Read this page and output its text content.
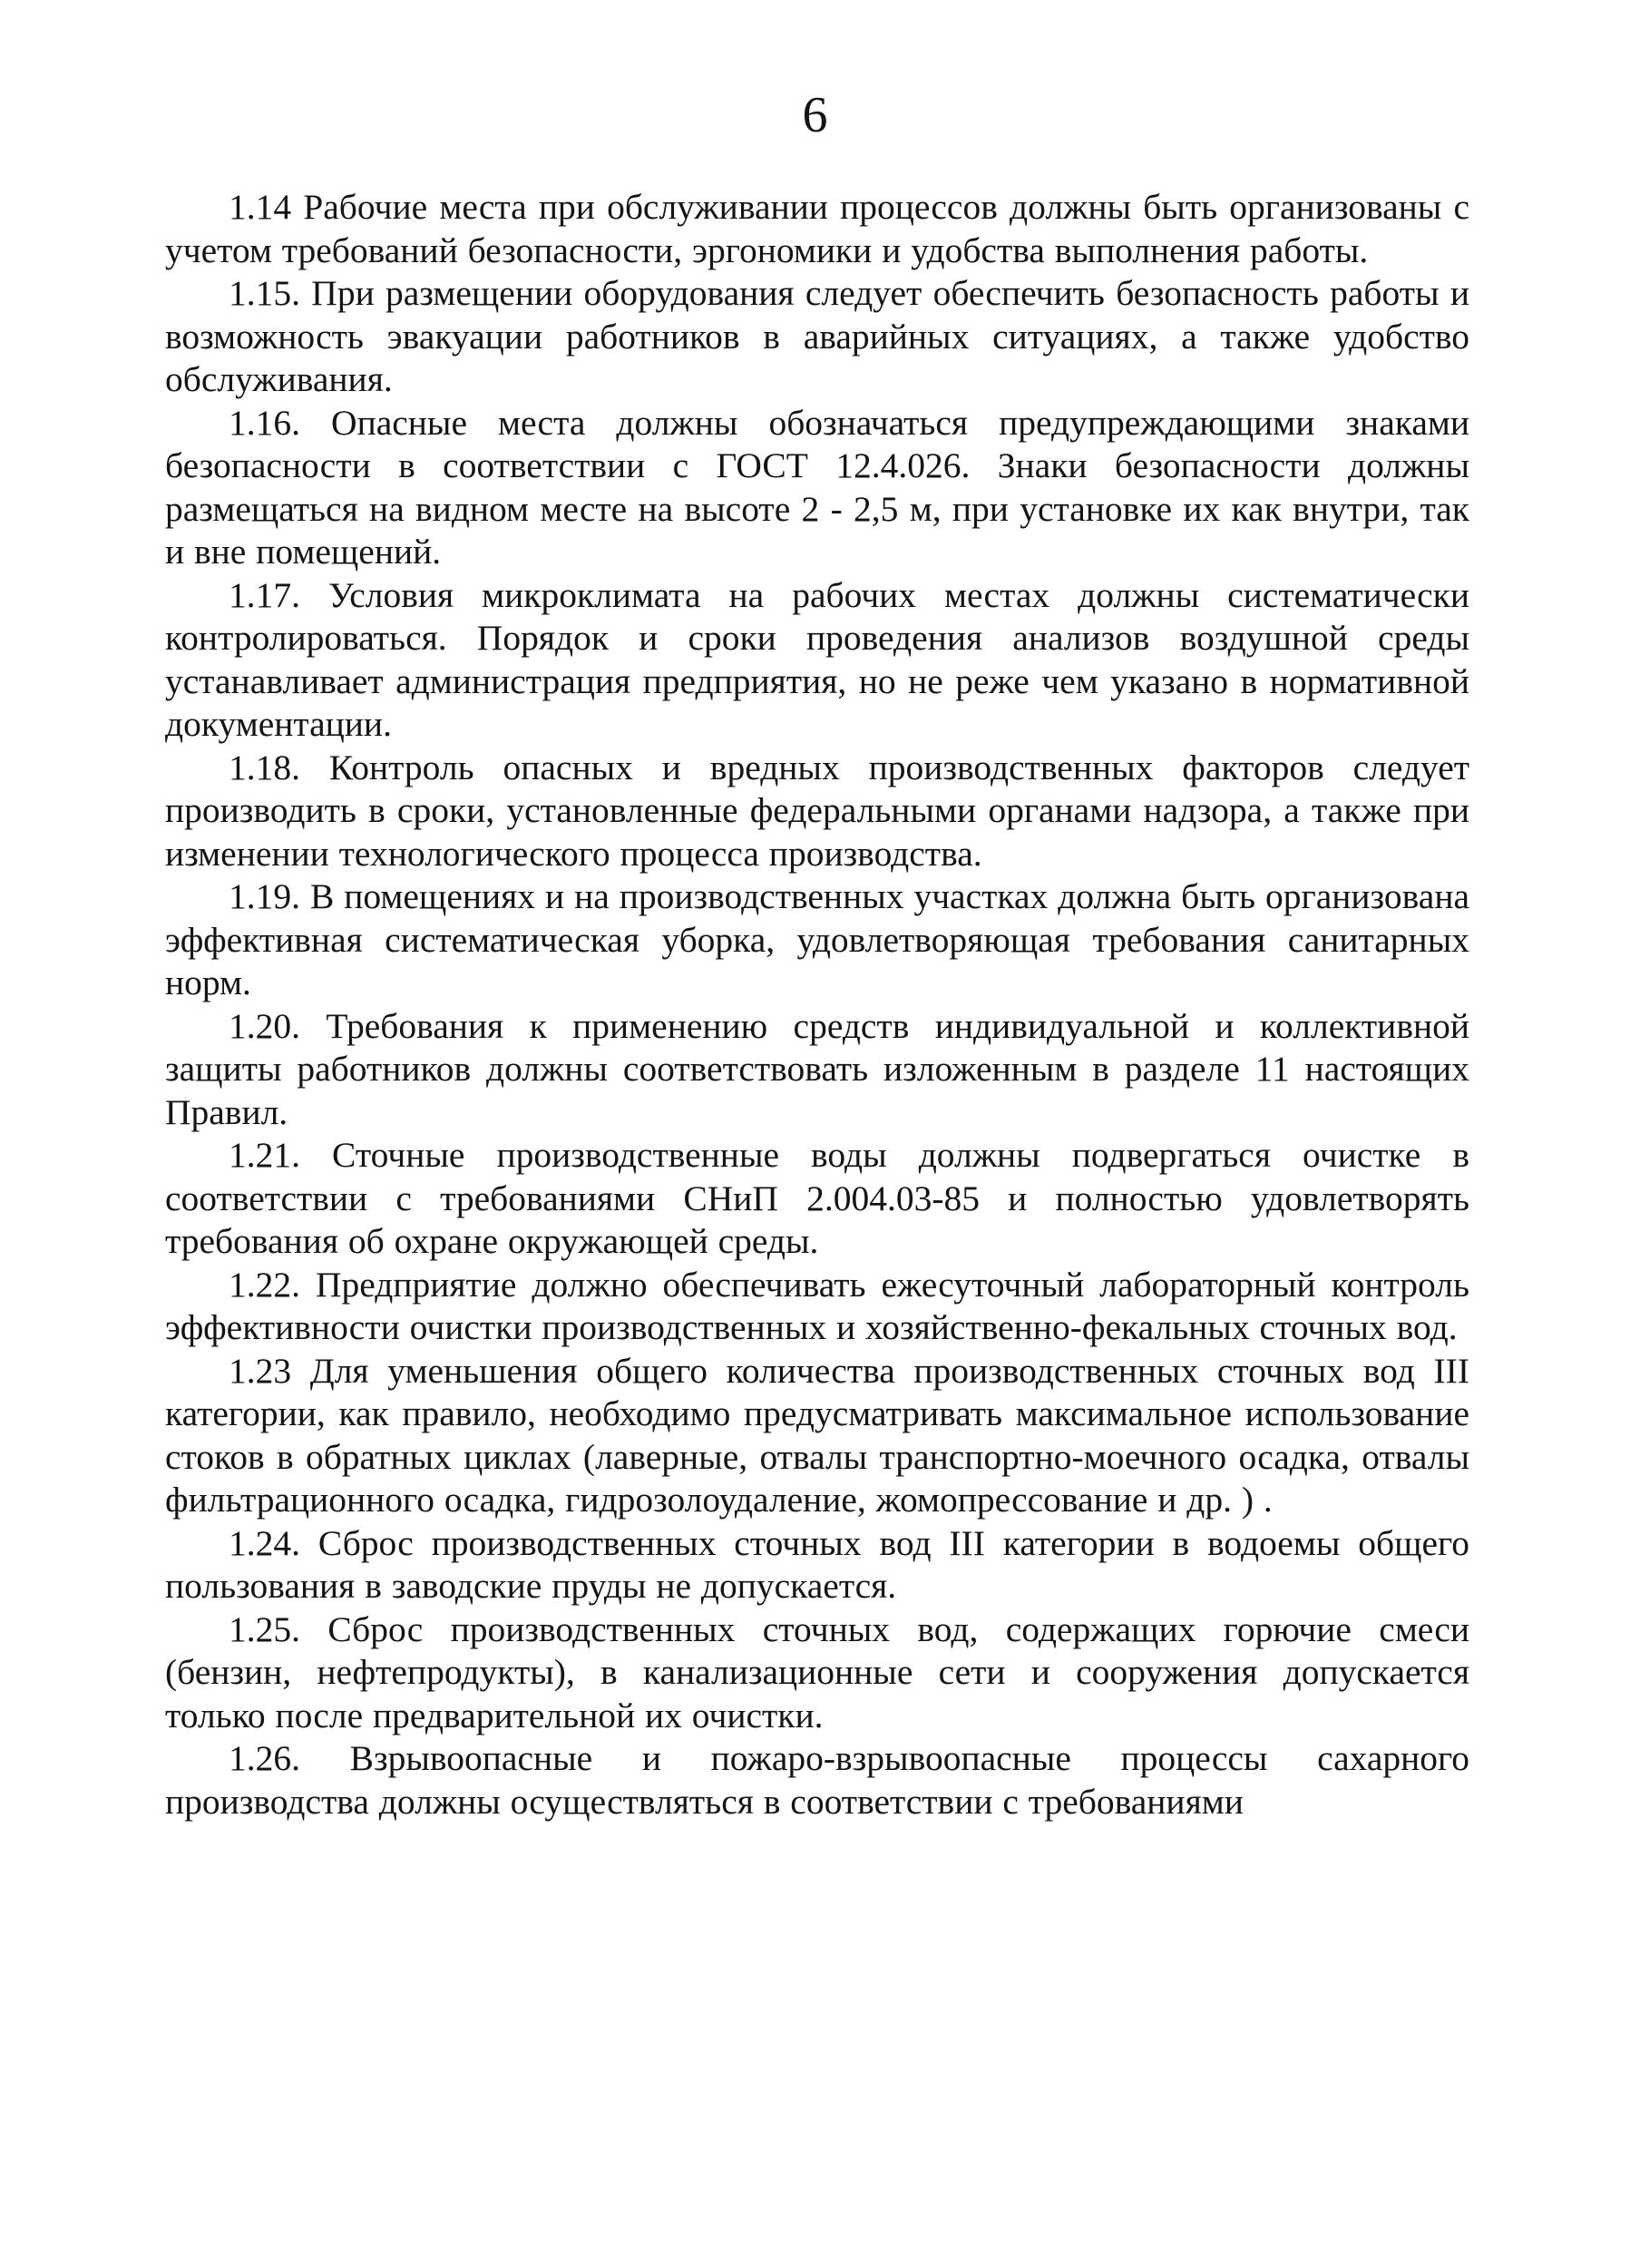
6

1.14 Рабочие места при обслуживании процессов должны быть организованы с учетом требований безопасности, эргономики и удобства выполнения работы.

1.15. При размещении оборудования следует обеспечить безопасность работы и возможность эвакуации работников в аварийных ситуациях, а также удобство обслуживания.

1.16. Опасные места должны обозначаться предупреждающими знаками безопасности в соответствии с ГОСТ 12.4.026. Знаки безопасности должны размещаться на видном месте на высоте 2 - 2,5 м, при установке их как внутри, так и вне помещений.

1.17. Условия микроклимата на рабочих местах должны систематически контролироваться. Порядок и сроки проведения анализов воздушной среды устанавливает администрация предприятия, но не реже чем указано в нормативной документации.

1.18. Контроль опасных и вредных производственных факторов следует производить в сроки, установленные федеральными органами надзора, а также при изменении технологического процесса производства.

1.19. В помещениях и на производственных участках должна быть организована эффективная систематическая уборка, удовлетворяющая требования санитарных норм.

1.20. Требования к применению средств индивидуальной и коллективной защиты работников должны соответствовать изложенным в разделе 11 настоящих Правил.

1.21. Сточные производственные воды должны подвергаться очистке в соответствии с требованиями СНиП 2.004.03-85 и полностью удовлетворять требования об охране окружающей среды.

1.22. Предприятие должно обеспечивать ежесуточный лабораторный контроль эффективности очистки производственных и хозяйственно-фекальных сточных вод.

1.23 Для уменьшения общего количества производственных сточных вод III категории, как правило, необходимо предусматривать максимальное использование стоков в обратных циклах (лаверные, отвалы транспортно-моечного осадка, отвалы фильтрационного осадка, гидрозолоудаление, жомопрессование и др. ) .

1.24. Сброс производственных сточных вод III категории в водоемы общего пользования в заводские пруды не допускается.

1.25. Сброс производственных сточных вод, содержащих горючие смеси (бензин, нефтепродукты), в канализационные сети и сооружения допускается только после предварительной их очистки.

1.26. Взрывоопасные и пожаро-взрывоопасные процессы сахарного производства должны осуществляться в соответствии с требованиями
